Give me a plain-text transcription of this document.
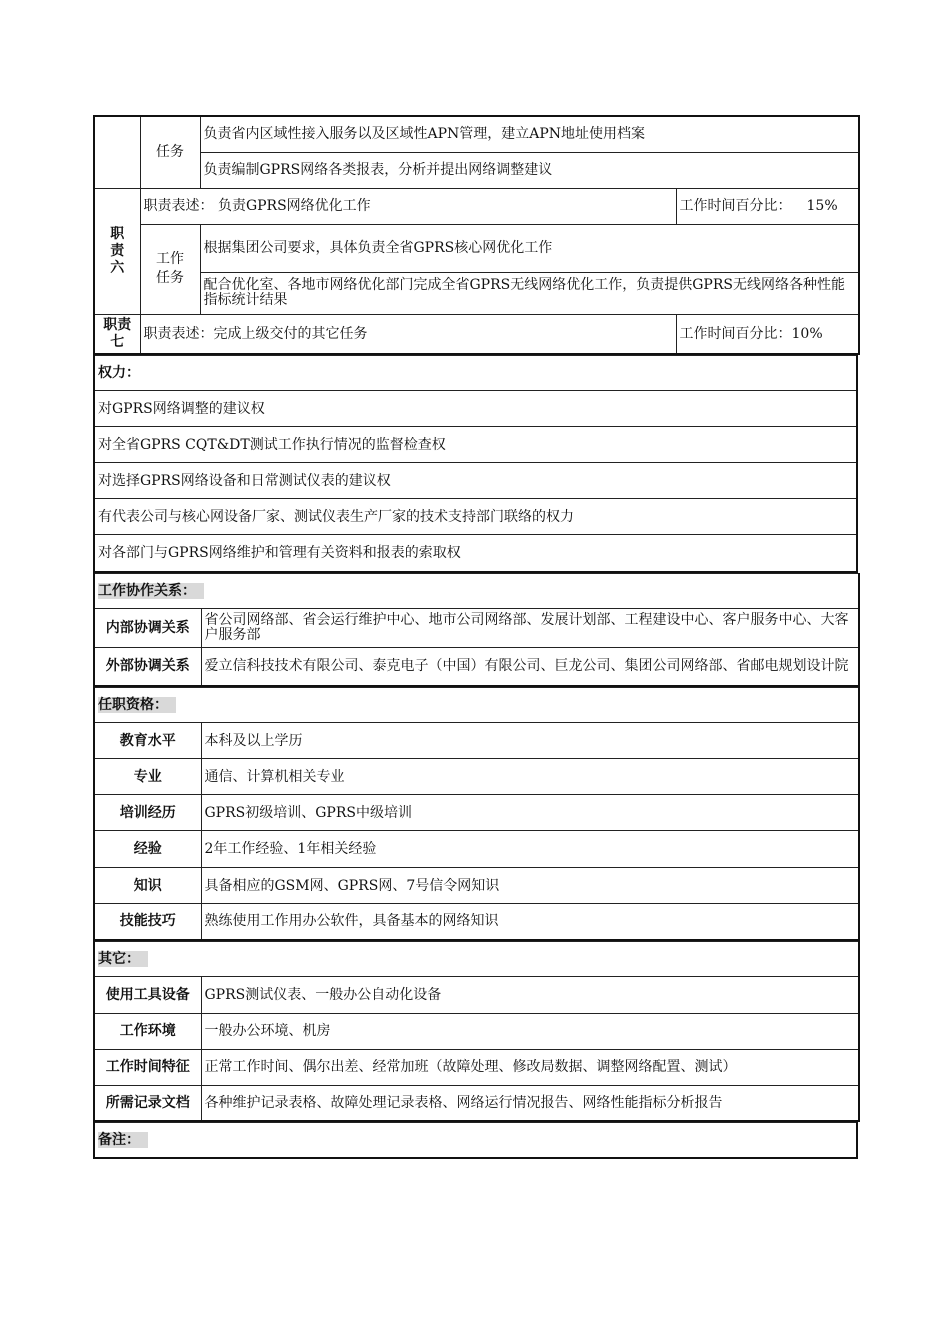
	任务	负责省内区域性接入服务以及区域性APN管理，建立APN地址使用档案	
		负责编制GPRS网络各类报表，分析并提出网络调整建议	
职责六	职责表述： 负责GPRS网络优化工作		工作时间百分比： 15%
	工作任务	根据集团公司要求，具体负责全省GPRS核心网优化工作	
		配合优化室、各地市网络优化部门完成全省GPRS无线网络优化工作，负责提供GPRS无线网络各种性能指标统计结果	
职责七	职责表述：完成上级交付的其它任务		工作时间百分比：10%
权力：
对GPRS网络调整的建议权
对全省GPRS CQT&DT测试工作执行情况的监督检查权
对选择GPRS网络设备和日常测试仪表的建议权
有代表公司与核心网设备厂家、测试仪表生产厂家的技术支持部门联络的权力
对各部门与GPRS网络维护和管理有关资料和报表的索取权
工作协作关系：	
内部协调关系	省公司网络部、省会运行维护中心、地市公司网络部、发展计划部、工程建设中心、客户服务中心、大客户服务部
外部协调关系	爱立信科技技术有限公司、泰克电子（中国）有限公司、巨龙公司、集团公司网络部、省邮电规划设计院
任职资格：	
教育水平	本科及以上学历
专业	通信、计算机相关专业
培训经历	GPRS初级培训、GPRS中级培训
经验	2年工作经验、1年相关经验
知识	具备相应的GSM网、GPRS网、7号信令网知识
技能技巧	熟练使用工作用办公软件，具备基本的网络知识
其它：	
使用工具设备	GPRS测试仪表、一般办公自动化设备
工作环境	一般办公环境、机房
工作时间特征	正常工作时间、偶尔出差、经常加班（故障处理、修改局数据、调整网络配置、测试）
所需记录文档	各种维护记录表格、故障处理记录表格、网络运行情况报告、网络性能指标分析报告
备注：
